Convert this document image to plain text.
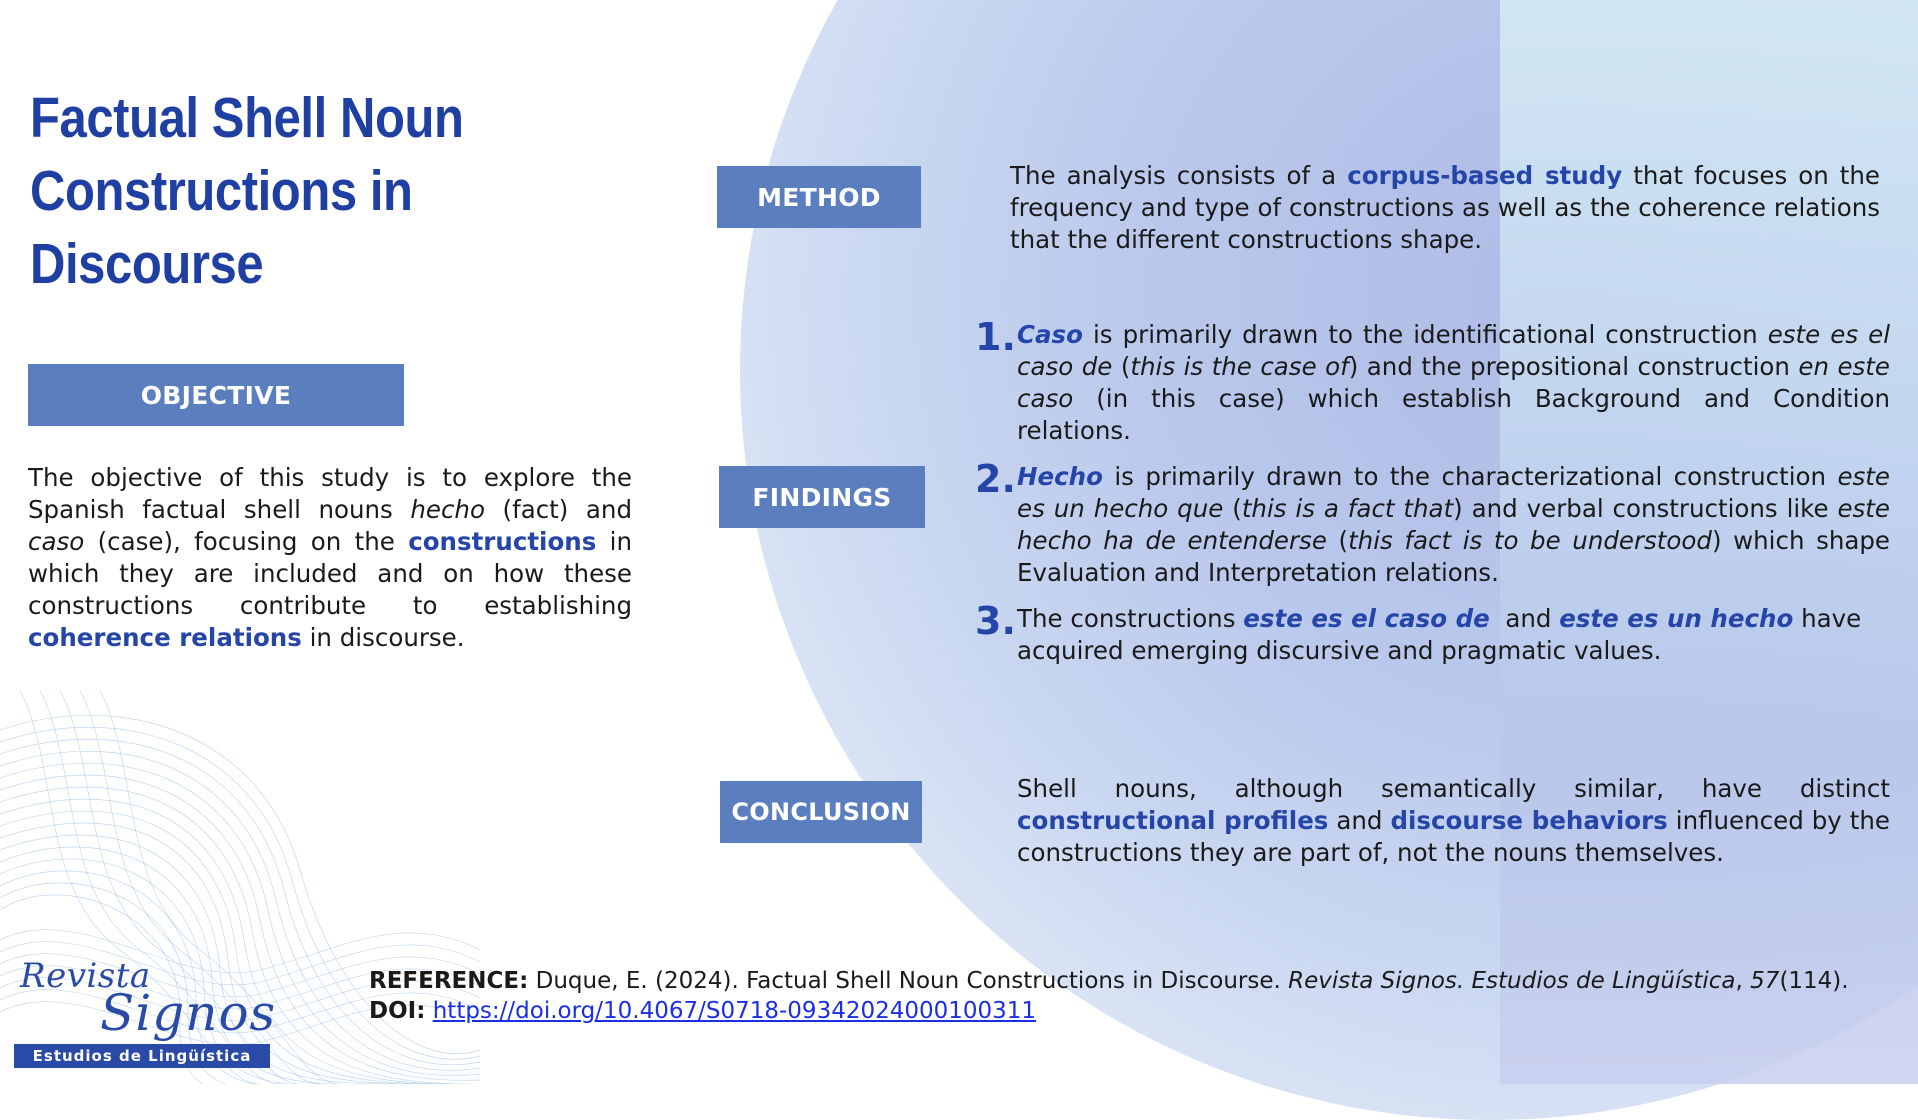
Factual Shell Noun
Constructions in
Discourse
OBJECTIVE
The objective of this study is to explore the Spanish factual shell nouns hecho (fact) and caso (case), focusing on the constructions in which they are included and on how these constructions contribute to establishing coherence relations in discourse.
METHOD
The analysis consists of a corpus-based study that focuses on the frequency and type of constructions as well as the coherence relations that the different constructions shape.
FINDINGS
1. Caso is primarily drawn to the identificational construction este es el caso de (this is the case of) and the prepositional construction en este caso (in this case) which establish Background and Condition relations.
2. Hecho is primarily drawn to the characterizational construction este es un hecho que (this is a fact that) and verbal constructions like este hecho ha de entenderse (this fact is to be understood) which shape Evaluation and Interpretation relations.
3. The constructions este es el caso de  and este es un hecho have acquired emerging discursive and pragmatic values.
CONCLUSION
Shell nouns, although semantically similar, have distinct constructional profiles and discourse behaviors influenced by the constructions they are part of, not the nouns themselves.
REFERENCE: Duque, E. (2024). Factual Shell Noun Constructions in Discourse. Revista Signos. Estudios de Lingüística, 57(114).
DOI: https://doi.org/10.4067/S0718-09342024000100311
Revista
Signos
Estudios de Lingüística
